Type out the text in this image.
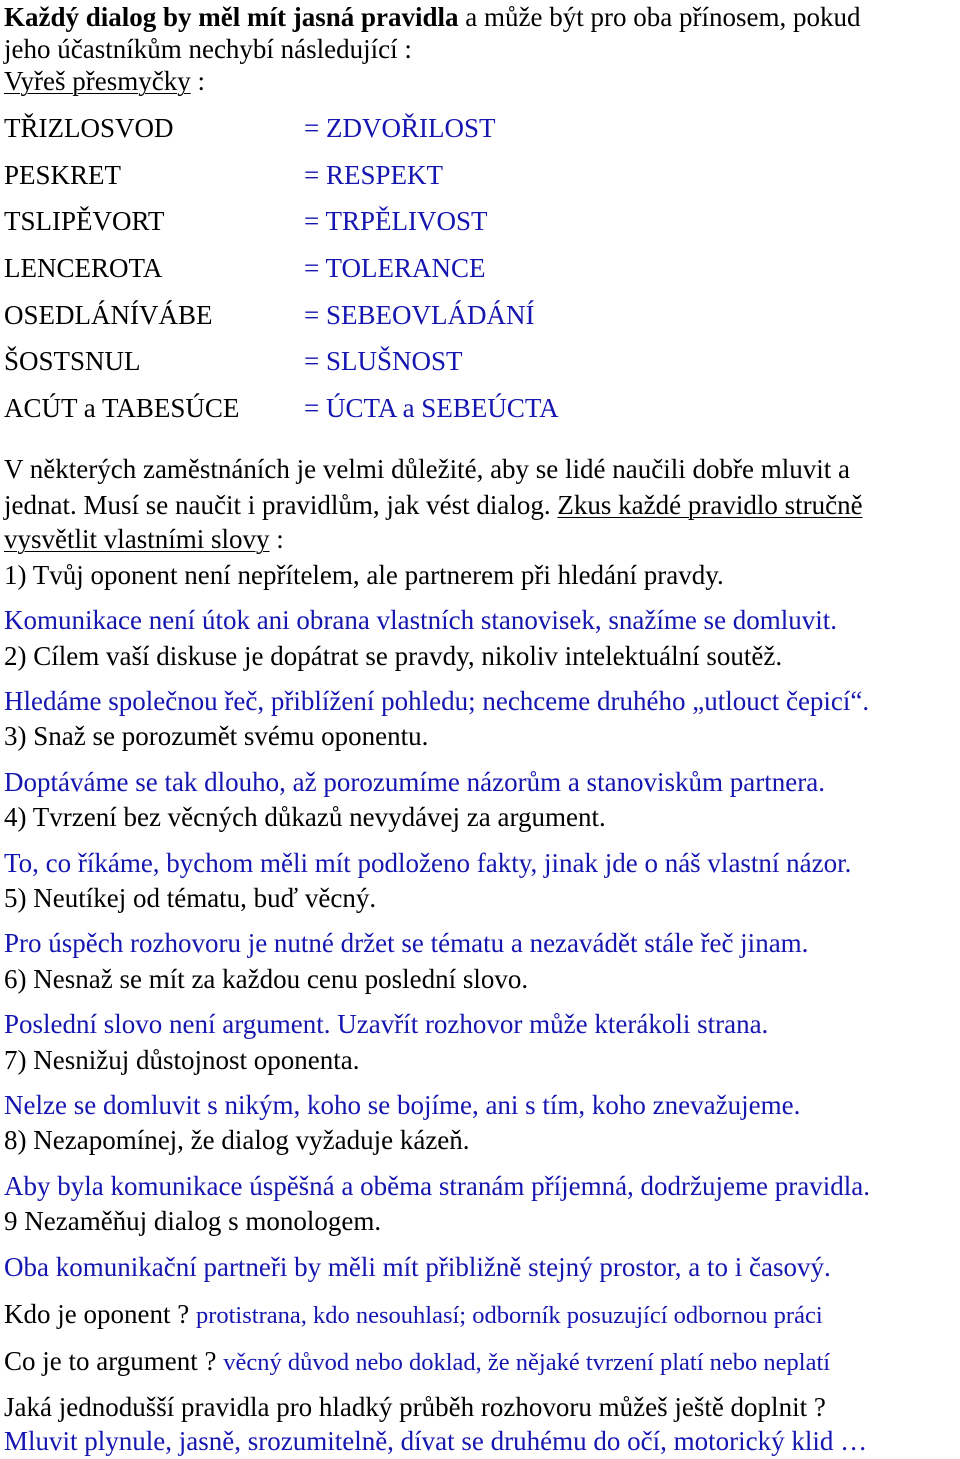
Každý dialog by měl mít jasná pravidla a může být pro oba přínosem, pokud
jeho účastníkům nechybí následující :
Vyřeš přesmyčky :
TŘIZLOSVOD	= ZDVOŘILOST
PESKRET	= RESPEKT
TSLIPĚVORT	= TRPĚLIVOST
LENCEROTA	= TOLERANCE
OSEDLÁNÍVÁBE	= SEBEOVLÁDÁNÍ
ŠOSTSNUL	= SLUŠNOST
ACÚT a TABESÚCE = ÚCTA a SEBEÚCTA
V některých zaměstnáních je velmi důležité, aby se lidé naučili dobře mluvit a
jednat. Musí se naučit i pravidlům, jak vést dialog. Zkus každé pravidlo stručně
vysvětlit vlastními slovy :
1) Tvůj oponent není nepřítelem, ale partnerem při hledání pravdy.
Komunikace není útok ani obrana vlastních stanovisek, snažíme se domluvit.
2) Cílem vaší diskuse je dopátrat se pravdy, nikoliv intelektuální soutěž.
Hledáme společnou řeč, přiblížení pohledu; nechceme druhého „utlouct čepicí“.
3) Snaž se porozumět svému oponentu.
Doptáváme se tak dlouho, až porozumíme názorům a stanoviskům partnera.
4) Tvrzení bez věcných důkazů nevydávej za argument.
To, co říkáme, bychom měli mít podloženo fakty, jinak jde o náš vlastní názor.
5) Neutíkej od tématu, buď věcný.
Pro úspěch rozhovoru je nutné držet se tématu a nezavádět stále řeč jinam.
6) Nesnaž se mít za každou cenu poslední slovo.
Poslední slovo není argument. Uzavřít rozhovor může kterákoli strana.
7) Nesnižuj důstojnost oponenta.
Nelze se domluvit s nikým, koho se bojíme, ani s tím, koho znevažujeme.
8) Nezapomínej, že dialog vyžaduje kázeň.
Aby byla komunikace úspěšná a oběma stranám příjemná, dodržujeme pravidla.
9 Nezaměňuj dialog s monologem.
Oba komunikační partneři by měli mít přibližně stejný prostor, a to i časový.
Kdo je oponent ? protistrana, kdo nesouhlasí; odborník posuzující odbornou práci
Co je to argument ? věcný důvod nebo doklad, že nějaké tvrzení platí nebo neplatí
Jaká jednodušší pravidla pro hladký průběh rozhovoru můžeš ještě doplnit ?
Mluvit plynule, jasně, srozumitelně, dívat se druhému do očí, motorický klid …
